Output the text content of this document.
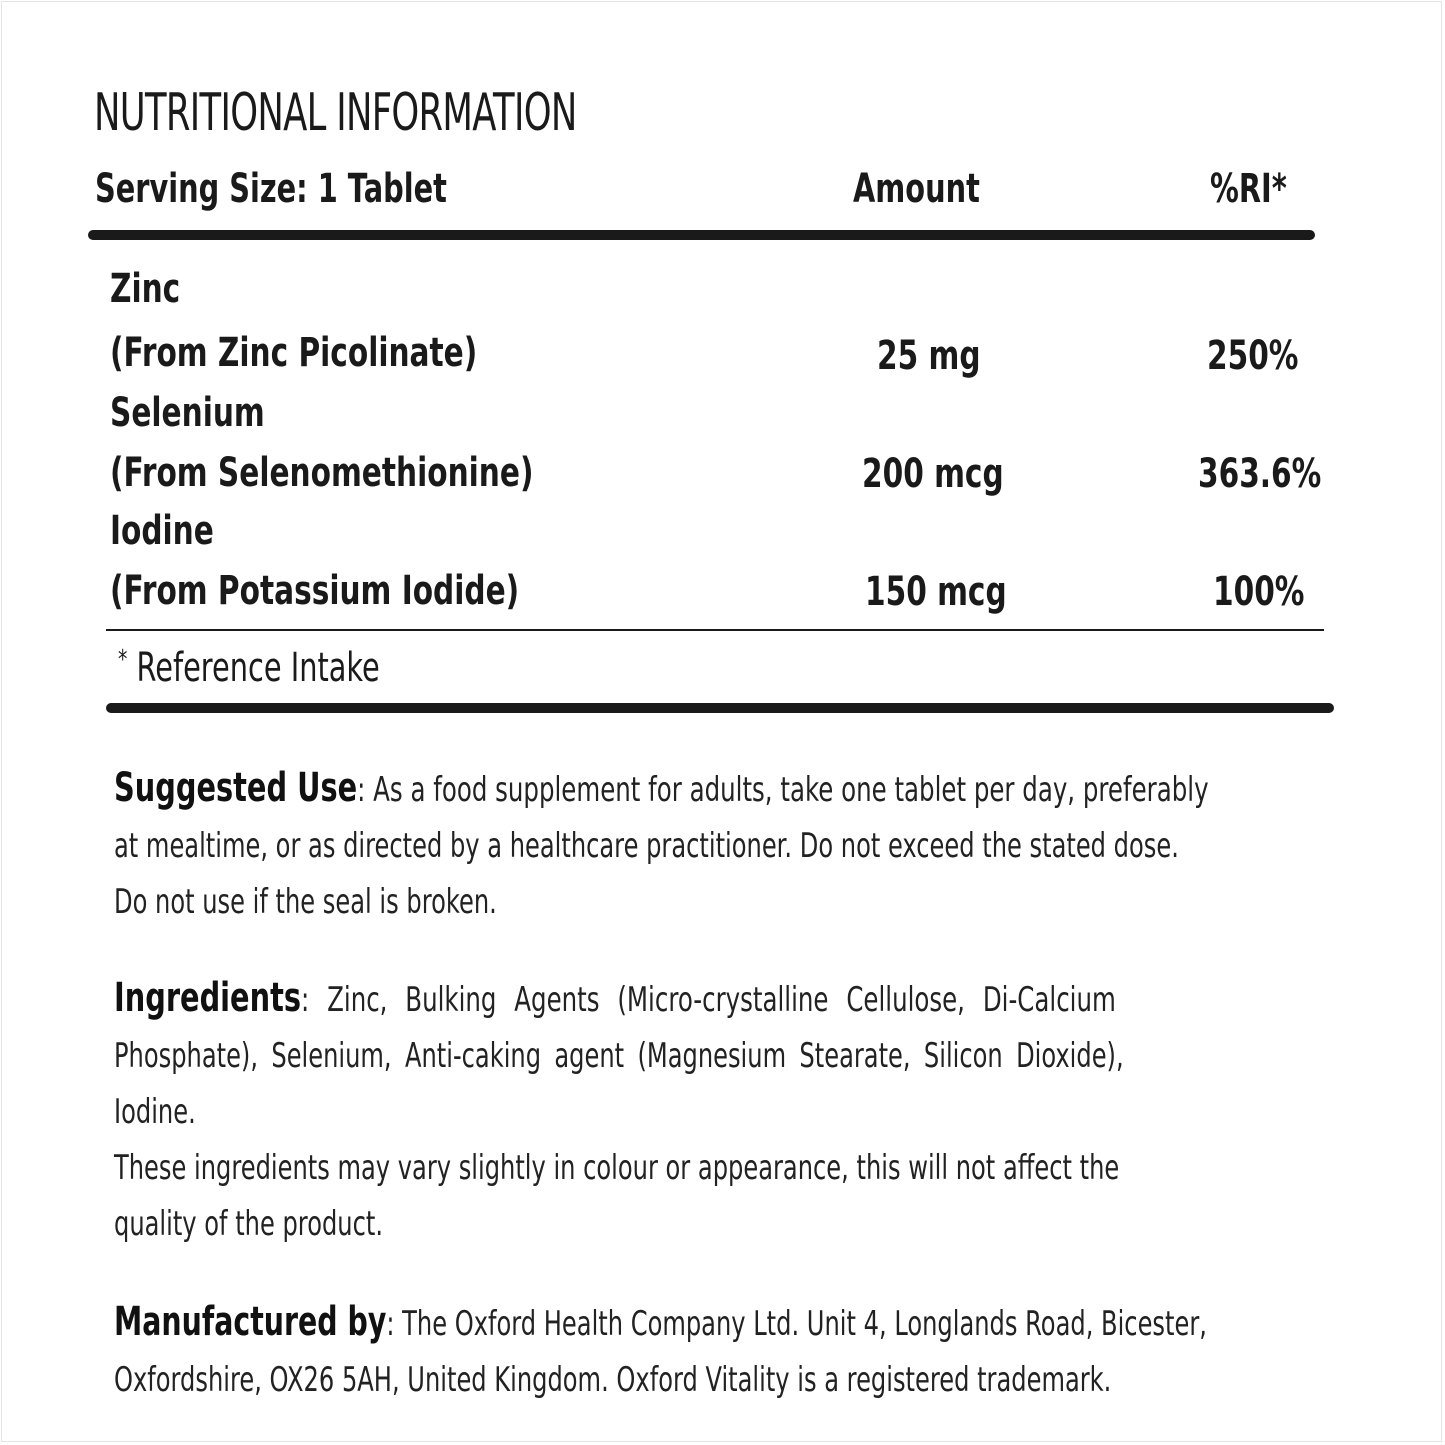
NUTRITIONAL INFORMATION
Serving Size: 1 Tablet	Amount	%RI*
Zinc
(From Zinc Picolinate)	25 mg	250%
Selenium
(From Selenomethionine)	200 mcg	363.6%
Iodine
(From Potassium Iodide)	150 mcg	100%
* Reference Intake
Suggested Use: As a food supplement for adults, take one tablet per day, preferably
at mealtime, or as directed by a healthcare practitioner. Do not exceed the stated dose.
Do not use if the seal is broken.
Ingredients: Zinc, Bulking Agents (Micro-crystalline Cellulose, Di-Calcium
Phosphate), Selenium, Anti-caking agent (Magnesium Stearate, Silicon Dioxide),
Iodine.
These ingredients may vary slightly in colour or appearance, this will not affect the
quality of the product.
Manufactured by: The Oxford Health Company Ltd. Unit 4, Longlands Road, Bicester,
Oxfordshire, OX26 5AH, United Kingdom. Oxford Vitality is a registered trademark.
